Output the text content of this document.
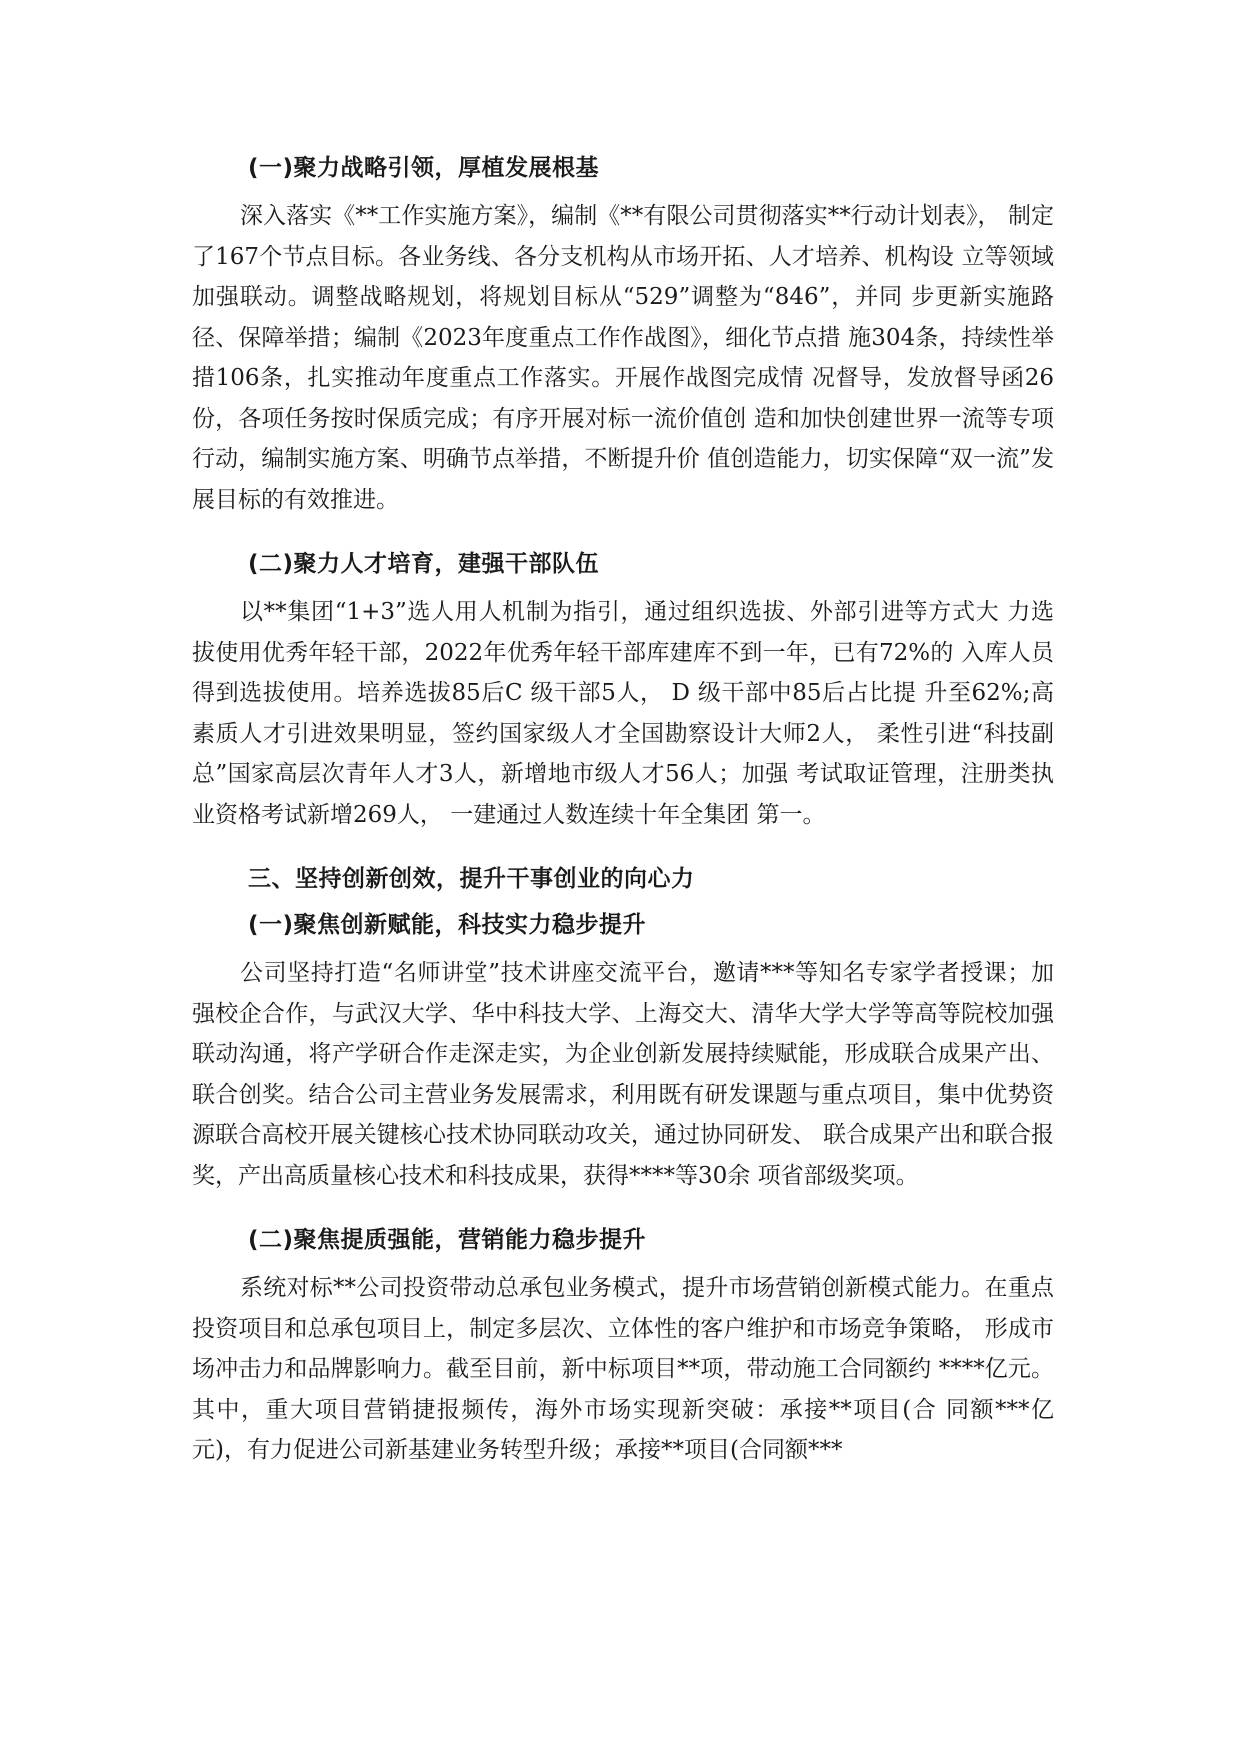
(一)聚力战略引领，厚植发展根基

深入落实《**工作实施方案》，编制《**有限公司贯彻落实**行动计划表》， 制定了167个节点目标。各业务线、各分支机构从市场开拓、人才培养、机构设 立等领域加强联动。调整战略规划，将规划目标从“529”调整为“846”，并同 步更新实施路径、保障举措；编制《2023年度重点工作作战图》，细化节点措 施304条，持续性举措106条，扎实推动年度重点工作落实。开展作战图完成情 况督导，发放督导函26份，各项任务按时保质完成；有序开展对标一流价值创 造和加快创建世界一流等专项行动，编制实施方案、明确节点举措，不断提升价 值创造能力，切实保障“双一流”发展目标的有效推进。

(二)聚力人才培育，建强干部队伍

以**集团“1+3”选人用人机制为指引，通过组织选拔、外部引进等方式大 力选拔使用优秀年轻干部，2022年优秀年轻干部库建库不到一年，已有72%的 入库人员得到选拔使用。培养选拔85后C 级干部5人， D 级干部中85后占比提 升至62%;高素质人才引进效果明显，签约国家级人才全国勘察设计大师2人， 柔性引进“科技副总”国家高层次青年人才3人，新增地市级人才56人；加强 考试取证管理，注册类执业资格考试新增269人， 一建通过人数连续十年全集团 第一。

三、坚持创新创效，提升干事创业的向心力
(一)聚焦创新赋能，科技实力稳步提升

公司坚持打造“名师讲堂”技术讲座交流平台，邀请***等知名专家学者授课；加强校企合作，与武汉大学、华中科技大学、上海交大、清华大学大学等高等院校加强联动沟通，将产学研合作走深走实，为企业创新发展持续赋能，形成联合成果产出、联合创奖。结合公司主营业务发展需求，利用既有研发课题与重点项目，集中优势资源联合高校开展关键核心技术协同联动攻关，通过协同研发、 联合成果产出和联合报奖，产出高质量核心技术和科技成果，获得****等30余 项省部级奖项。

(二)聚焦提质强能，营销能力稳步提升

系统对标**公司投资带动总承包业务模式，提升市场营销创新模式能力。在重点投资项目和总承包项目上，制定多层次、立体性的客户维护和市场竞争策略， 形成市场冲击力和品牌影响力。截至目前，新中标项目**项，带动施工合同额约 ****亿元。其中，重大项目营销捷报频传，海外市场实现新突破：承接**项目(合 同额***亿元)，有力促进公司新基建业务转型升级；承接**项目(合同额***
